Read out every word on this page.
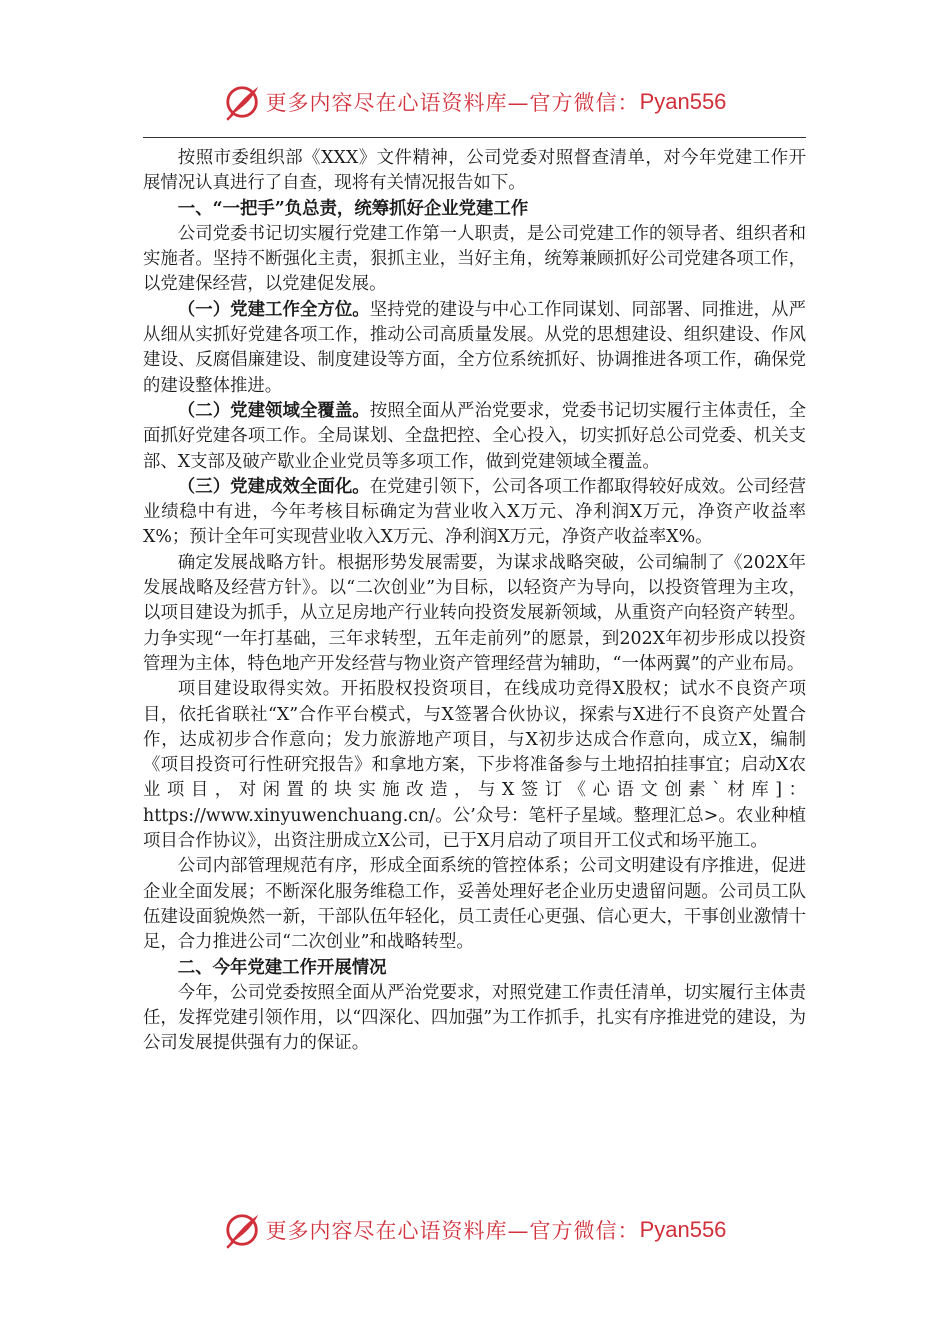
更多内容尽在心语资料库—官方微信： Pyan556

按照市委组织部《XXX》文件精神，公司党委对照督查清单，对今年党建工作开展情况认真进行了自查，现将有关情况报告如下。

一、“一把手”负总责，统筹抓好企业党建工作

公司党委书记切实履行党建工作第一人职责，是公司党建工作的领导者、组织者和实施者。坚持不断强化主责，狠抓主业，当好主角，统筹兼顾抓好公司党建各项工作，以党建保经营，以党建促发展。

（一）党建工作全方位。坚持党的建设与中心工作同谋划、同部署、同推进，从严从细从实抓好党建各项工作，推动公司高质量发展。从党的思想建设、组织建设、作风建设、反腐倡廉建设、制度建设等方面，全方位系统抓好、协调推进各项工作，确保党的建设整体推进。

（二）党建领域全覆盖。按照全面从严治党要求，党委书记切实履行主体责任，全面抓好党建各项工作。全局谋划、全盘把控、全心投入，切实抓好总公司党委、机关支部、X支部及破产歇业企业党员等多项工作，做到党建领域全覆盖。

（三）党建成效全面化。在党建引领下，公司各项工作都取得较好成效。公司经营业绩稳中有进，今年考核目标确定为营业收入X万元、净利润X万元，净资产收益率X%；预计全年可实现营业收入X万元、净利润X万元，净资产收益率X%。

确定发展战略方针。根据形势发展需要，为谋求战略突破，公司编制了《202X年发展战略及经营方针》。以“二次创业”为目标，以轻资产为导向，以投资管理为主攻，以项目建设为抓手，从立足房地产行业转向投资发展新领域，从重资产向轻资产转型。力争实现“一年打基础，三年求转型，五年走前列”的愿景，到202X年初步形成以投资管理为主体，特色地产开发经营与物业资产管理经营为辅助，“一体两翼”的产业布局。

项目建设取得实效。开拓股权投资项目，在线成功竞得X股权；试水不良资产项目，依托省联社“X”合作平台模式，与X签署合伙协议，探索与X进行不良资产处置合作，达成初步合作意向；发力旅游地产项目，与X初步达成合作意向，成立X，编制《项目投资可行性研究报告》和拿地方案，下步将准备参与土地招拍挂事宜；启动X农业项目，对闲置的块实施改造，与X签订《心语文创素`材库]：https://www.xinyuwenchuang.cn/。公’众号：笔杆子星域。整理汇总>。农业种植项目合作协议》，出资注册成立X公司，已于X月启动了项目开工仪式和场平施工。

公司内部管理规范有序，形成全面系统的管控体系；公司文明建设有序推进，促进企业全面发展；不断深化服务维稳工作，妥善处理好老企业历史遗留问题。公司员工队伍建设面貌焕然一新，干部队伍年轻化，员工责任心更强、信心更大，干事创业激情十足，合力推进公司“二次创业”和战略转型。

二、今年党建工作开展情况

今年，公司党委按照全面从严治党要求，对照党建工作责任清单，切实履行主体责任，发挥党建引领作用，以“四深化、四加强”为工作抓手，扎实有序推进党的建设，为公司发展提供强有力的保证。

更多内容尽在心语资料库—官方微信： Pyan556
